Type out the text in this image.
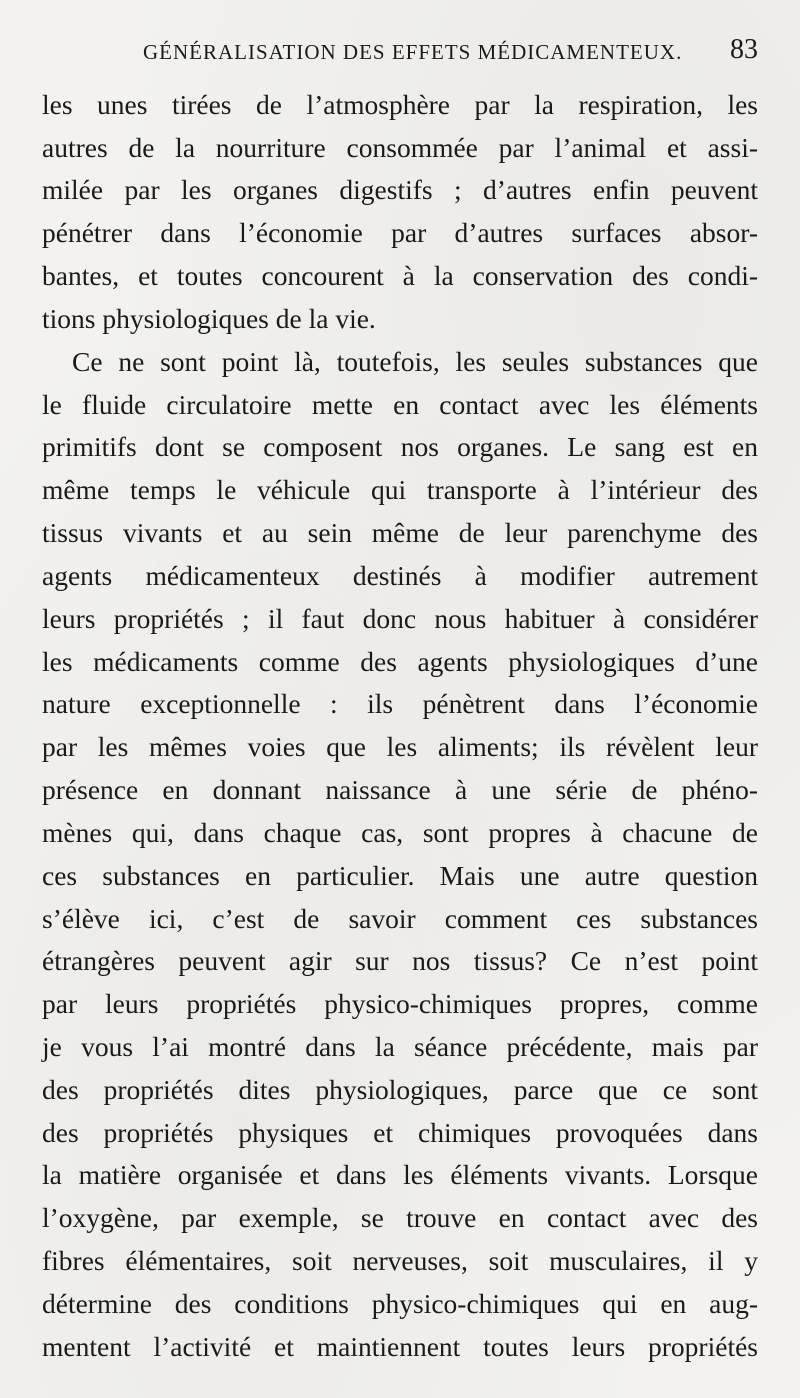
GÉNÉRALISATION DES EFFETS MÉDICAMENTEUX. 83
les unes tirées de l’atmosphère par la respiration, les
autres de la nourriture consommée par l’animal et assi-
milée par les organes digestifs ; d’autres enfin peuvent
pénétrer dans l’économie par d’autres surfaces absor-
bantes, et toutes concourent à la conservation des condi-
tions physiologiques de la vie.
Ce ne sont point là, toutefois, les seules substances que
le fluide circulatoire mette en contact avec les éléments
primitifs dont se composent nos organes. Le sang est en
même temps le véhicule qui transporte à l’intérieur des
tissus vivants et au sein même de leur parenchyme des
agents médicamenteux destinés à modifier autrement
leurs propriétés ; il faut donc nous habituer à considérer
les médicaments comme des agents physiologiques d’une
nature exceptionnelle : ils pénètrent dans l’économie
par les mêmes voies que les aliments; ils révèlent leur
présence en donnant naissance à une série de phéno-
mènes qui, dans chaque cas, sont propres à chacune de
ces substances en particulier. Mais une autre question
s’élève ici, c’est de savoir comment ces substances
étrangères peuvent agir sur nos tissus? Ce n’est point
par leurs propriétés physico-chimiques propres, comme
je vous l’ai montré dans la séance précédente, mais par
des propriétés dites physiologiques, parce que ce sont
des propriétés physiques et chimiques provoquées dans
la matière organisée et dans les éléments vivants. Lorsque
l’oxygène, par exemple, se trouve en contact avec des
fibres élémentaires, soit nerveuses, soit musculaires, il y
détermine des conditions physico-chimiques qui en aug-
mentent l’activité et maintiennent toutes leurs propriétés
